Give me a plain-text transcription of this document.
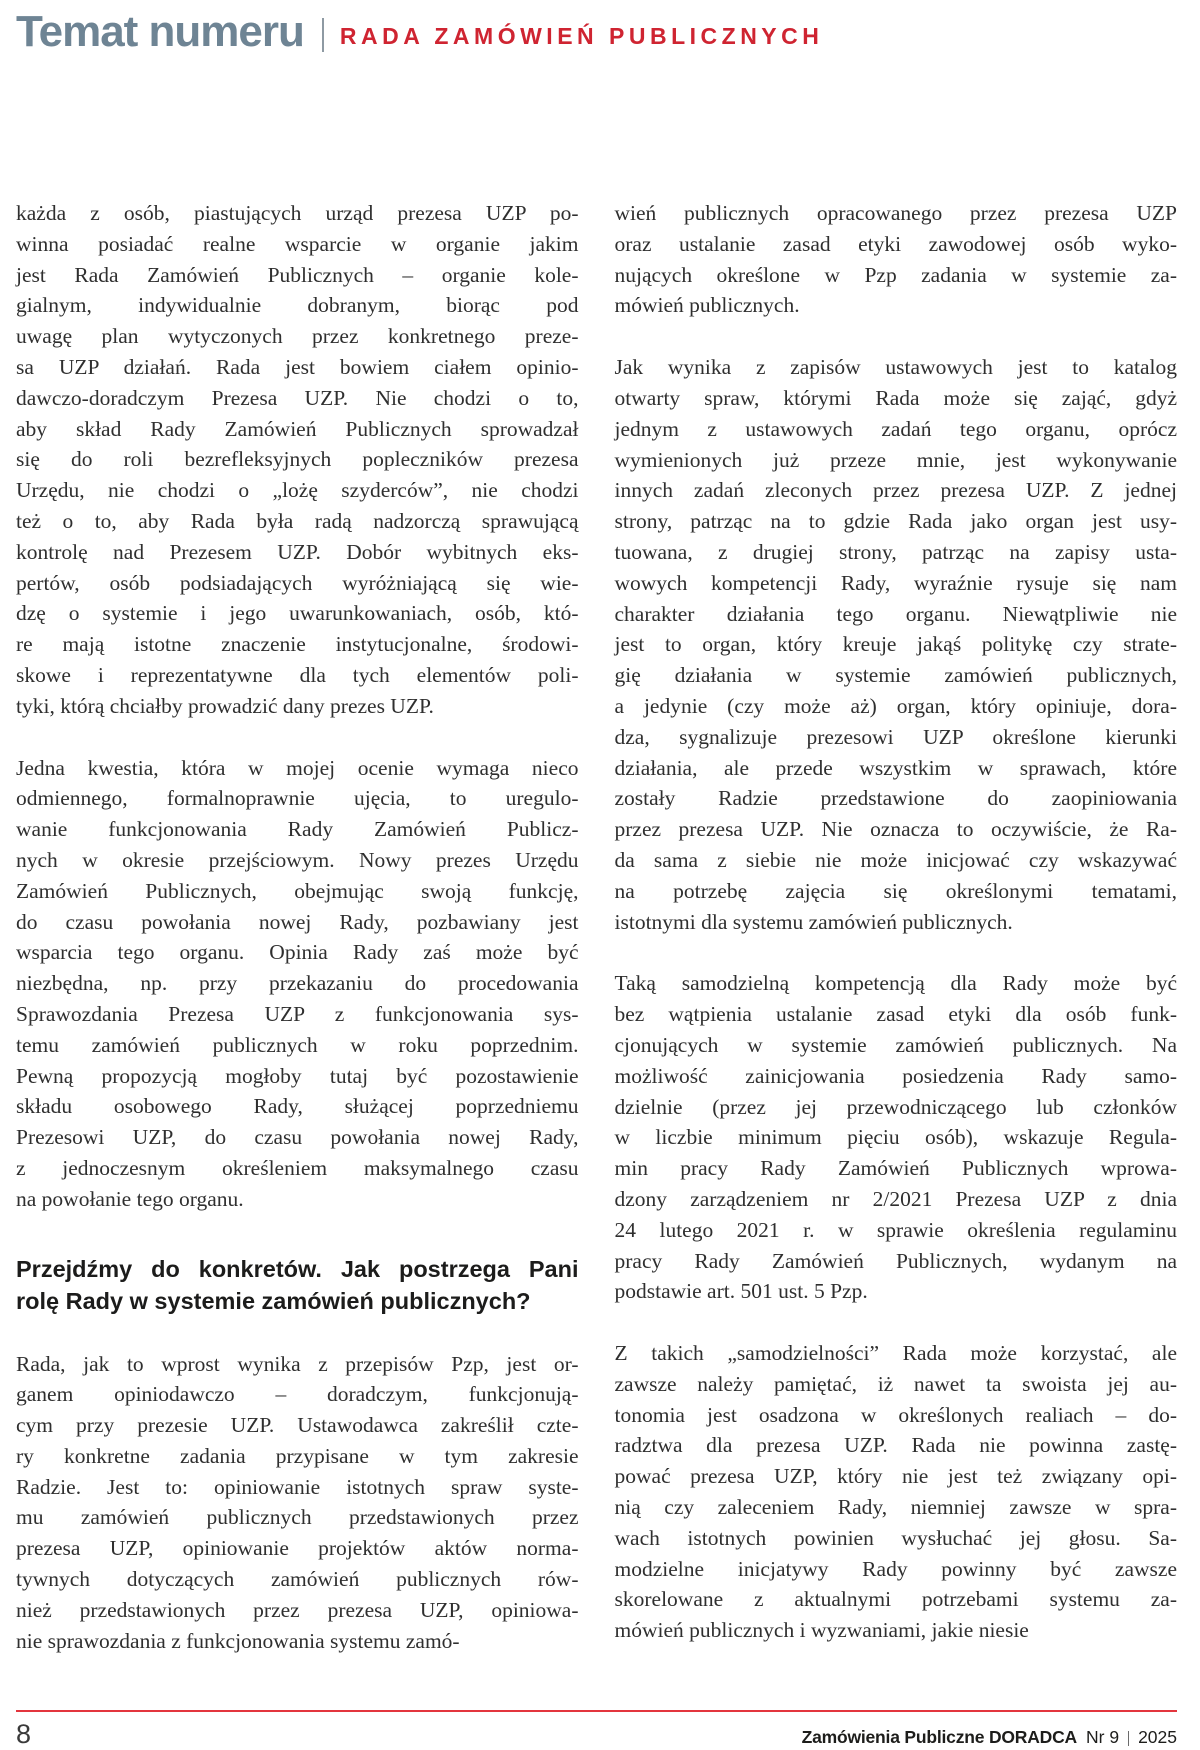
Temat numeru RADA ZAMÓWIEŃ PUBLICZNYCH
każda z osób, piastujących urząd prezesa UZP po-
winna posiadać realne wsparcie w organie jakim
jest Rada Zamówień Publicznych – organie kole-
gialnym, indywidualnie dobranym, biorąc pod
uwagę plan wytyczonych przez konkretnego preze-
sa UZP działań. Rada jest bowiem ciałem opinio-
dawczo-doradczym Prezesa UZP. Nie chodzi o to,
aby skład Rady Zamówień Publicznych sprowadzał
się do roli bezrefleksyjnych popleczników prezesa
Urzędu, nie chodzi o „lożę szyderców”, nie chodzi
też o to, aby Rada była radą nadzorczą sprawującą
kontrolę nad Prezesem UZP. Dobór wybitnych eks-
pertów, osób podsiadających wyróżniającą się wie-
dzę o systemie i jego uwarunkowaniach, osób, któ-
re mają istotne znaczenie instytucjonalne, środowi-
skowe i reprezentatywne dla tych elementów poli-
tyki, którą chciałby prowadzić dany prezes UZP.
Jedna kwestia, która w mojej ocenie wymaga nieco
odmiennego, formalnoprawnie ujęcia, to uregulo-
wanie funkcjonowania Rady Zamówień Publicz-
nych w okresie przejściowym. Nowy prezes Urzędu
Zamówień Publicznych, obejmując swoją funkcję,
do czasu powołania nowej Rady, pozbawiany jest
wsparcia tego organu. Opinia Rady zaś może być
niezbędna, np. przy przekazaniu do procedowania
Sprawozdania Prezesa UZP z funkcjonowania sys-
temu zamówień publicznych w roku poprzednim.
Pewną propozycją mogłoby tutaj być pozostawienie
składu osobowego Rady, służącej poprzedniemu
Prezesowi UZP, do czasu powołania nowej Rady,
z jednoczesnym określeniem maksymalnego czasu
na powołanie tego organu.
Przejdźmy do konkretów. Jak postrzega Pani
rolę Rady w systemie zamówień publicznych?
Rada, jak to wprost wynika z przepisów Pzp, jest or-
ganem opiniodawczo – doradczym, funkcjonują-
cym przy prezesie UZP. Ustawodawca zakreślił czte-
ry konkretne zadania przypisane w tym zakresie
Radzie. Jest to: opiniowanie istotnych spraw syste-
mu zamówień publicznych przedstawionych przez
prezesa UZP, opiniowanie projektów aktów norma-
tywnych dotyczących zamówień publicznych rów-
nież przedstawionych przez prezesa UZP, opiniowa-
nie sprawozdania z funkcjonowania systemu zamó-
wień publicznych opracowanego przez prezesa UZP
oraz ustalanie zasad etyki zawodowej osób wyko-
nujących określone w Pzp zadania w systemie za-
mówień publicznych.
Jak wynika z zapisów ustawowych jest to katalog
otwarty spraw, którymi Rada może się zająć, gdyż
jednym z ustawowych zadań tego organu, oprócz
wymienionych już przeze mnie, jest wykonywanie
innych zadań zleconych przez prezesa UZP. Z jednej
strony, patrząc na to gdzie Rada jako organ jest usy-
tuowana, z drugiej strony, patrząc na zapisy usta-
wowych kompetencji Rady, wyraźnie rysuje się nam
charakter działania tego organu. Niewątpliwie nie
jest to organ, który kreuje jakąś politykę czy strate-
gię działania w systemie zamówień publicznych,
a jedynie (czy może aż) organ, który opiniuje, dora-
dza, sygnalizuje prezesowi UZP określone kierunki
działania, ale przede wszystkim w sprawach, które
zostały Radzie przedstawione do zaopiniowania
przez prezesa UZP. Nie oznacza to oczywiście, że Ra-
da sama z siebie nie może inicjować czy wskazywać
na potrzebę zajęcia się określonymi tematami,
istotnymi dla systemu zamówień publicznych.
Taką samodzielną kompetencją dla Rady może być
bez wątpienia ustalanie zasad etyki dla osób funk-
cjonujących w systemie zamówień publicznych. Na
możliwość zainicjowania posiedzenia Rady samo-
dzielnie (przez jej przewodniczącego lub członków
w liczbie minimum pięciu osób), wskazuje Regula-
min pracy Rady Zamówień Publicznych wprowa-
dzony zarządzeniem nr 2/2021 Prezesa UZP z dnia
24 lutego 2021 r. w sprawie określenia regulaminu
pracy Rady Zamówień Publicznych, wydanym na
podstawie art. 501 ust. 5 Pzp.
Z takich „samodzielności” Rada może korzystać, ale
zawsze należy pamiętać, iż nawet ta swoista jej au-
tonomia jest osadzona w określonych realiach – do-
radztwa dla prezesa UZP. Rada nie powinna zastę-
pować prezesa UZP, który nie jest też związany opi-
nią czy zaleceniem Rady, niemniej zawsze w spra-
wach istotnych powinien wysłuchać jej głosu. Sa-
modzielne inicjatywy Rady powinny być zawsze
skorelowane z aktualnymi potrzebami systemu za-
mówień publicznych i wyzwaniami, jakie niesie
8	Zamówienia Publiczne DORADCA Nr 9 2025
